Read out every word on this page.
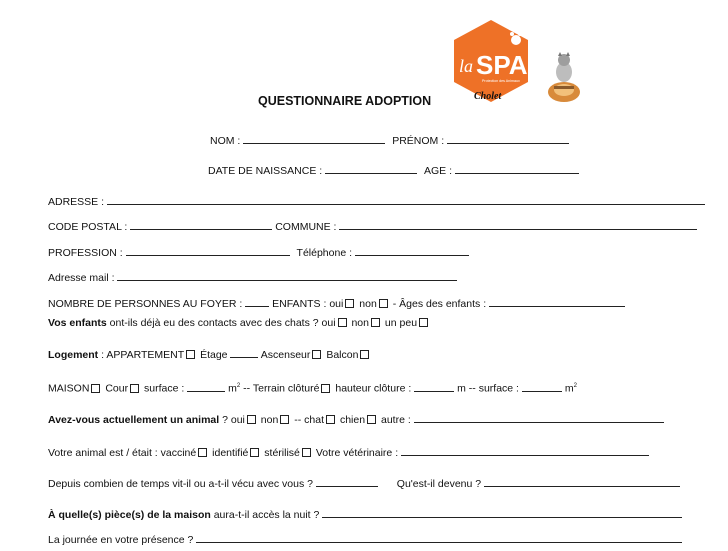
la SPA
Protection des Animaux
Cholet
QUESTIONNAIRE ADOPTION
NOM :	PRÉNOM :
DATE DE NAISSANCE :	AGE :
ADRESSE :
CODE POSTAL :	COMMUNE :
PROFESSION :	Téléphone :
Adresse mail :
NOMBRE DE PERSONNES AU FOYER :	ENFANTS : oui non - Âges des enfants :
Vos enfants ont-ils déjà eu des contacts avec des chats ? oui non un peu
Logement : APPARTEMENT Étage	Ascenseur Balcon
MAISON Cour surface :	$m^2$ -- Terrain clôturé hauteur clôture :	m -- surface :	$m^2$
Avez-vous actuellement un animal ? oui non -- chat chien autre :
Votre animal est / était : vacciné identifié stérilisé Votre vétérinaire :
Depuis combien de temps vit-il ou a-t-il vécu avec vous ?	Qu'est-il devenu ?
À quelle(s) pièce(s) de la maison aura-t-il accès la nuit ?
La journée en votre présence ?
